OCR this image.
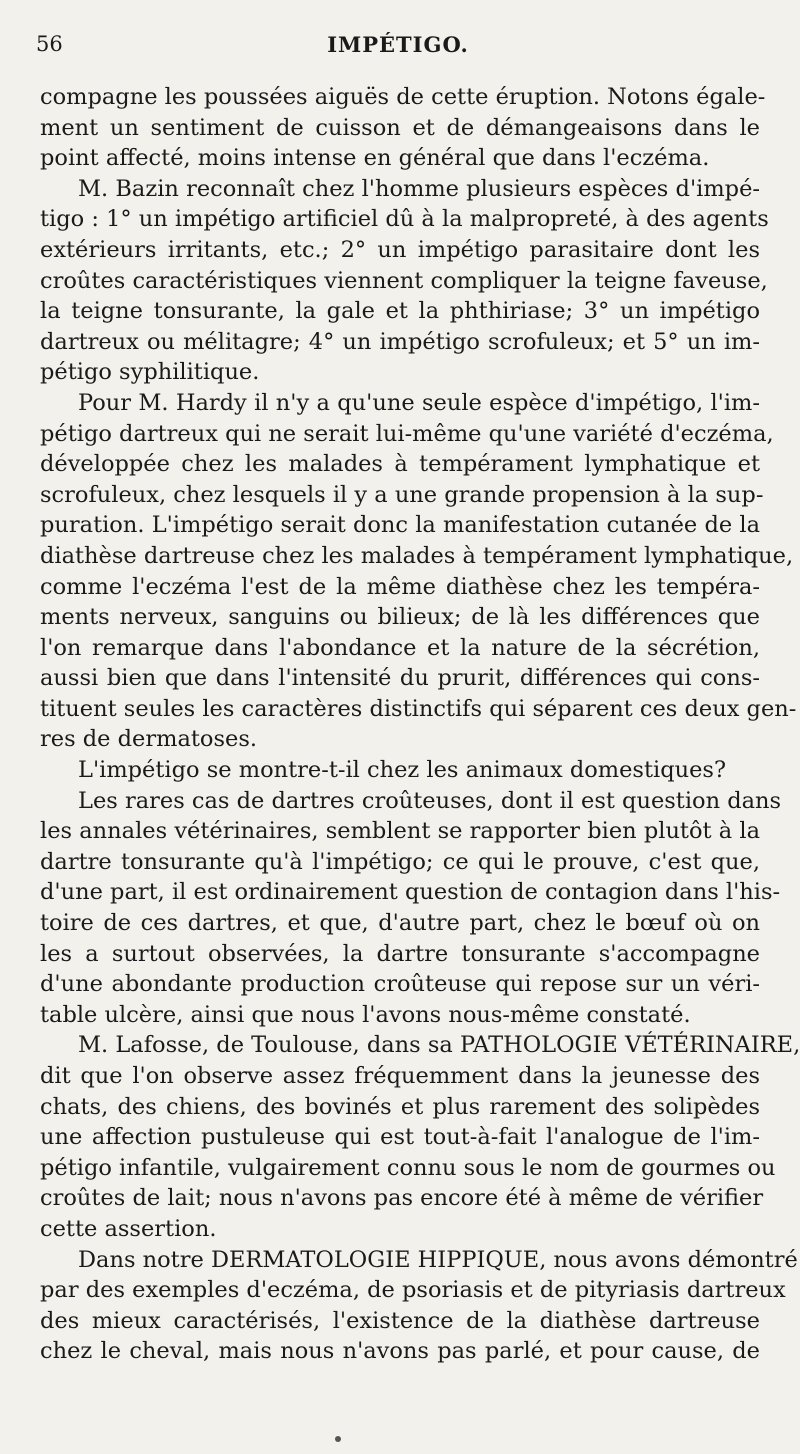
56	IMPÉTIGO.
compagne les poussées aiguës de cette éruption. Notons égale-
ment un sentiment de cuisson et de démangeaisons dans le
point affecté, moins intense en général que dans l'eczéma.
M. Bazin reconnaît chez l'homme plusieurs espèces d'impé-
tigo : 1° un impétigo artificiel dû à la malpropreté, à des agents
extérieurs irritants, etc.; 2° un impétigo parasitaire dont les
croûtes caractéristiques viennent compliquer la teigne faveuse,
la teigne tonsurante, la gale et la phthiriase; 3° un impétigo
dartreux ou mélitagre; 4° un impétigo scrofuleux; et 5° un im-
pétigo syphilitique.
Pour M. Hardy il n'y a qu'une seule espèce d'impétigo, l'im-
pétigo dartreux qui ne serait lui-même qu'une variété d'eczéma,
développée chez les malades à tempérament lymphatique et
scrofuleux, chez lesquels il y a une grande propension à la sup-
puration. L'impétigo serait donc la manifestation cutanée de la
diathèse dartreuse chez les malades à tempérament lymphatique,
comme l'eczéma l'est de la même diathèse chez les tempéra-
ments nerveux, sanguins ou bilieux; de là les différences que
l'on remarque dans l'abondance et la nature de la sécrétion,
aussi bien que dans l'intensité du prurit, différences qui cons-
tituent seules les caractères distinctifs qui séparent ces deux gen-
res de dermatoses.
L'impétigo se montre-t-il chez les animaux domestiques?
Les rares cas de dartres croûteuses, dont il est question dans
les annales vétérinaires, semblent se rapporter bien plutôt à la
dartre tonsurante qu'à l'impétigo; ce qui le prouve, c'est que,
d'une part, il est ordinairement question de contagion dans l'his-
toire de ces dartres, et que, d'autre part, chez le bœuf où on
les a surtout observées, la dartre tonsurante s'accompagne
d'une abondante production croûteuse qui repose sur un véri-
table ulcère, ainsi que nous l'avons nous-même constaté.
M. Lafosse, de Toulouse, dans sa PATHOLOGIE VÉTÉRINAIRE,
dit que l'on observe assez fréquemment dans la jeunesse des
chats, des chiens, des bovinés et plus rarement des solipèdes
une affection pustuleuse qui est tout-à-fait l'analogue de l'im-
pétigo infantile, vulgairement connu sous le nom de gourmes ou
croûtes de lait; nous n'avons pas encore été à même de vérifier
cette assertion.
Dans notre DERMATOLOGIE HIPPIQUE, nous avons démontré
par des exemples d'eczéma, de psoriasis et de pityriasis dartreux
des mieux caractérisés, l'existence de la diathèse dartreuse
chez le cheval, mais nous n'avons pas parlé, et pour cause, de
